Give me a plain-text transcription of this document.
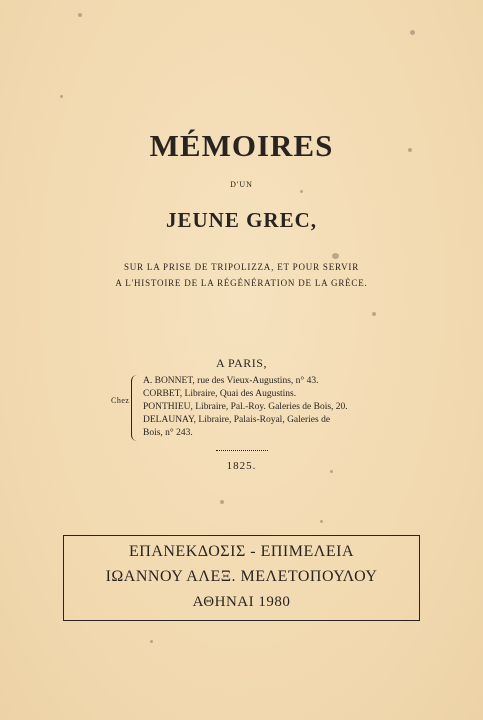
MÉMOIRES
D'UN
JEUNE GREC,
SUR LA PRISE DE TRIPOLIZZA, ET POUR SERVIR
A L'HISTOIRE DE LA RÉGÉNÉRATION DE LA GRÈCE.
A PARIS,
Chez
A. BONNET, rue des Vieux-Augustins, n° 43.
CORBET, Libraire, Quai des Augustins.
PONTHIEU, Libraire, Pal.-Roy. Galeries de Bois, 20.
DELAUNAY, Libraire, Palais-Royal, Galeries de
Bois, n° 243.
1825.
ΕΠΑΝΕΚΔΟΣΙΣ - ΕΠΙΜΕΛΕΙΑ
ΙΩΑΝΝΟΥ ΑΛΕΞ. ΜΕΛΕΤΟΠΟΥΛΟΥ
ΑΘΗΝΑΙ 1980
